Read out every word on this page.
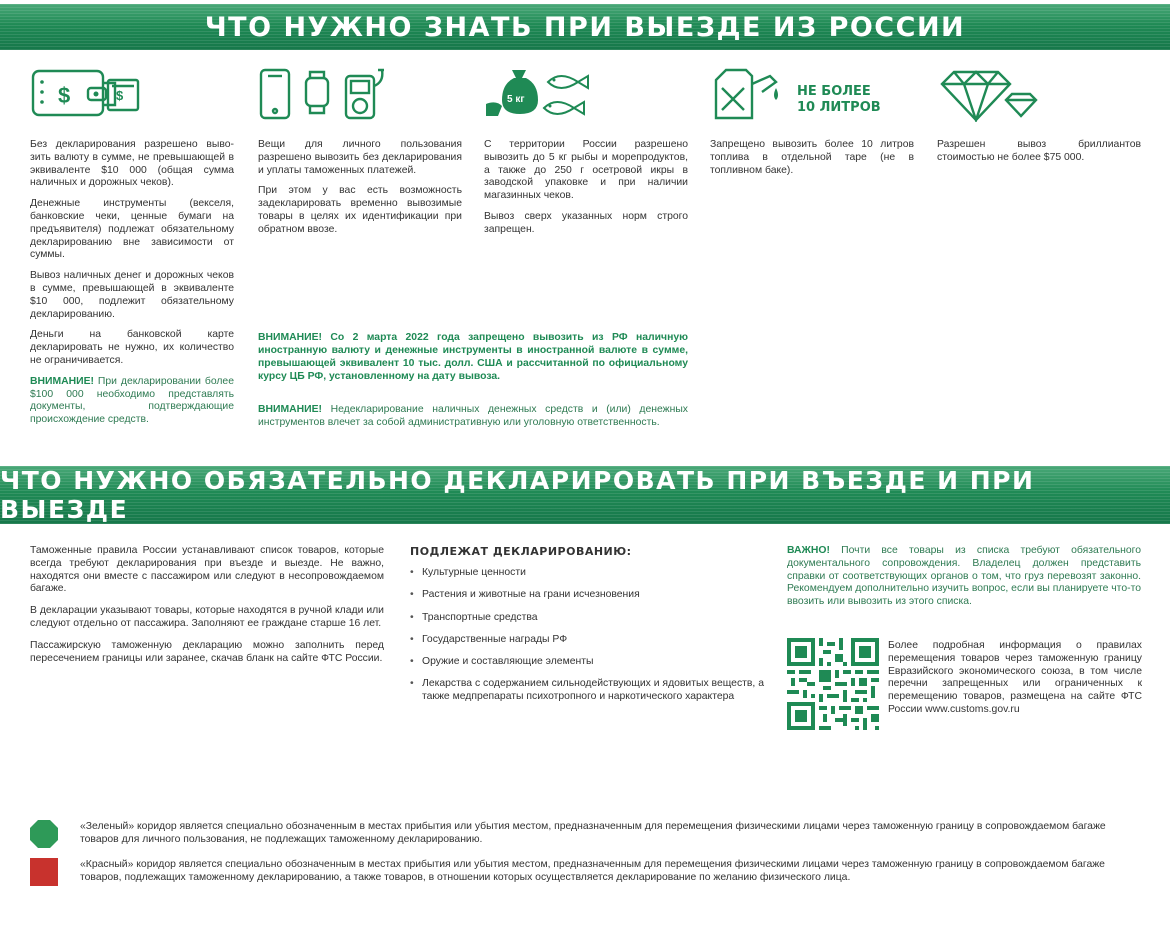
ЧТО НУЖНО ЗНАТЬ ПРИ ВЫЕЗДЕ ИЗ РОССИИ
$	$	5 кг
НЕ БОЛЕЕ
10 ЛИТРОВ

Без декларирования разрешено выво-зить валюту в сумме, не превышающей в эквиваленте $10 000 (общая сумма наличных и дорожных чеков).

Денежные инструменты (векселя, банковские чеки, ценные бумаги на предъявителя) подлежат обязательному декларированию вне зависимости от суммы.

Вывоз наличных денег и дорожных чеков в сумме, превышающей в эквиваленте $10 000, подлежит обязательному декларированию.

Деньги на банковской карте декларировать не нужно, их количество не ограничивается.

ВНИМАНИЕ! При декларировании более $100 000 необходимо представлять документы, подтверждающие происхождение средств.

Вещи для личного пользования разрешено вывозить без декларирования и уплаты таможенных платежей.

При этом у вас есть возможность задекларировать временно вывозимые товары в целях их идентификации при обратном ввозе.

С территории России разрешено вывозить до 5 кг рыбы и морепродуктов, а также до 250 г осетровой икры в заводской упаковке и при наличии магазинных чеков.

Вывоз сверх указанных норм строго запрещен.

Запрещено вывозить более 10 литров топлива в отдельной таре (не в топливном баке).

Разрешен вывоз бриллиантов стоимостью не более $75 000.

ВНИМАНИЕ! Со 2 марта 2022 года запрещено вывозить из РФ наличную иностранную валюту и денежные инструменты в иностранной валюте в сумме, превышающей эквивалент 10 тыс. долл. США и рассчитанной по официальному курсу ЦБ РФ, установленному на дату вывоза.

ВНИМАНИЕ! Недекларирование наличных денежных средств и (или) денежных инструментов влечет за собой административную или уголовную ответственность.

ЧТО НУЖНО ОБЯЗАТЕЛЬНО ДЕКЛАРИРОВАТЬ ПРИ ВЪЕЗДЕ И ПРИ ВЫЕЗДЕ

Таможенные правила России устанавливают список товаров, которые всегда требуют декларирования при въезде и выезде. Не важно, находятся они вместе с пассажиром или следуют в несопровождаемом багаже.

В декларации указывают товары, которые находятся в ручной клади или следуют отдельно от пассажира. Заполняют ее граждане старше 16 лет.

Пассажирскую таможенную декларацию можно заполнить перед пересечением границы или заранее, скачав бланк на сайте ФТС России.

ПОДЛЕЖАТ ДЕКЛАРИРОВАНИЮ:
• Культурные ценности
• Растения и животные на грани исчезновения
• Транспортные средства
• Государственные награды РФ
• Оружие и составляющие элементы
• Лекарства с содержанием сильнодействующих и ядовитых веществ, а также медпрепараты психотропного и наркотического характера

ВАЖНО! Почти все товары из списка требуют обязательного документального сопровождения. Владелец должен представить справки от соответствующих органов о том, что груз перевозят законно. Рекомендуем дополнительно изучить вопрос, если вы планируете что-то ввозить или вывозить из этого списка.

Более подробная информация о правилах перемещения товаров через таможенную границу Евразийского экономического союза, в том числе перечни запрещенных или ограниченных к перемещению товаров, размещена на сайте ФТС России www.customs.gov.ru

«Зеленый» коридор является специально обозначенным в местах прибытия или убытия местом, предназначенным для перемещения физическими лицами через таможенную границу в сопровождаемом багаже товаров для личного пользования, не подлежащих таможенному декларированию.

«Красный» коридор является специально обозначенным в местах прибытия или убытия местом, предназначенным для перемещения физическими лицами через таможенную границу в сопровождаемом багаже товаров, подлежащих таможенному декларированию, а также товаров, в отношении которых осуществляется декларирование по желанию физического лица.
